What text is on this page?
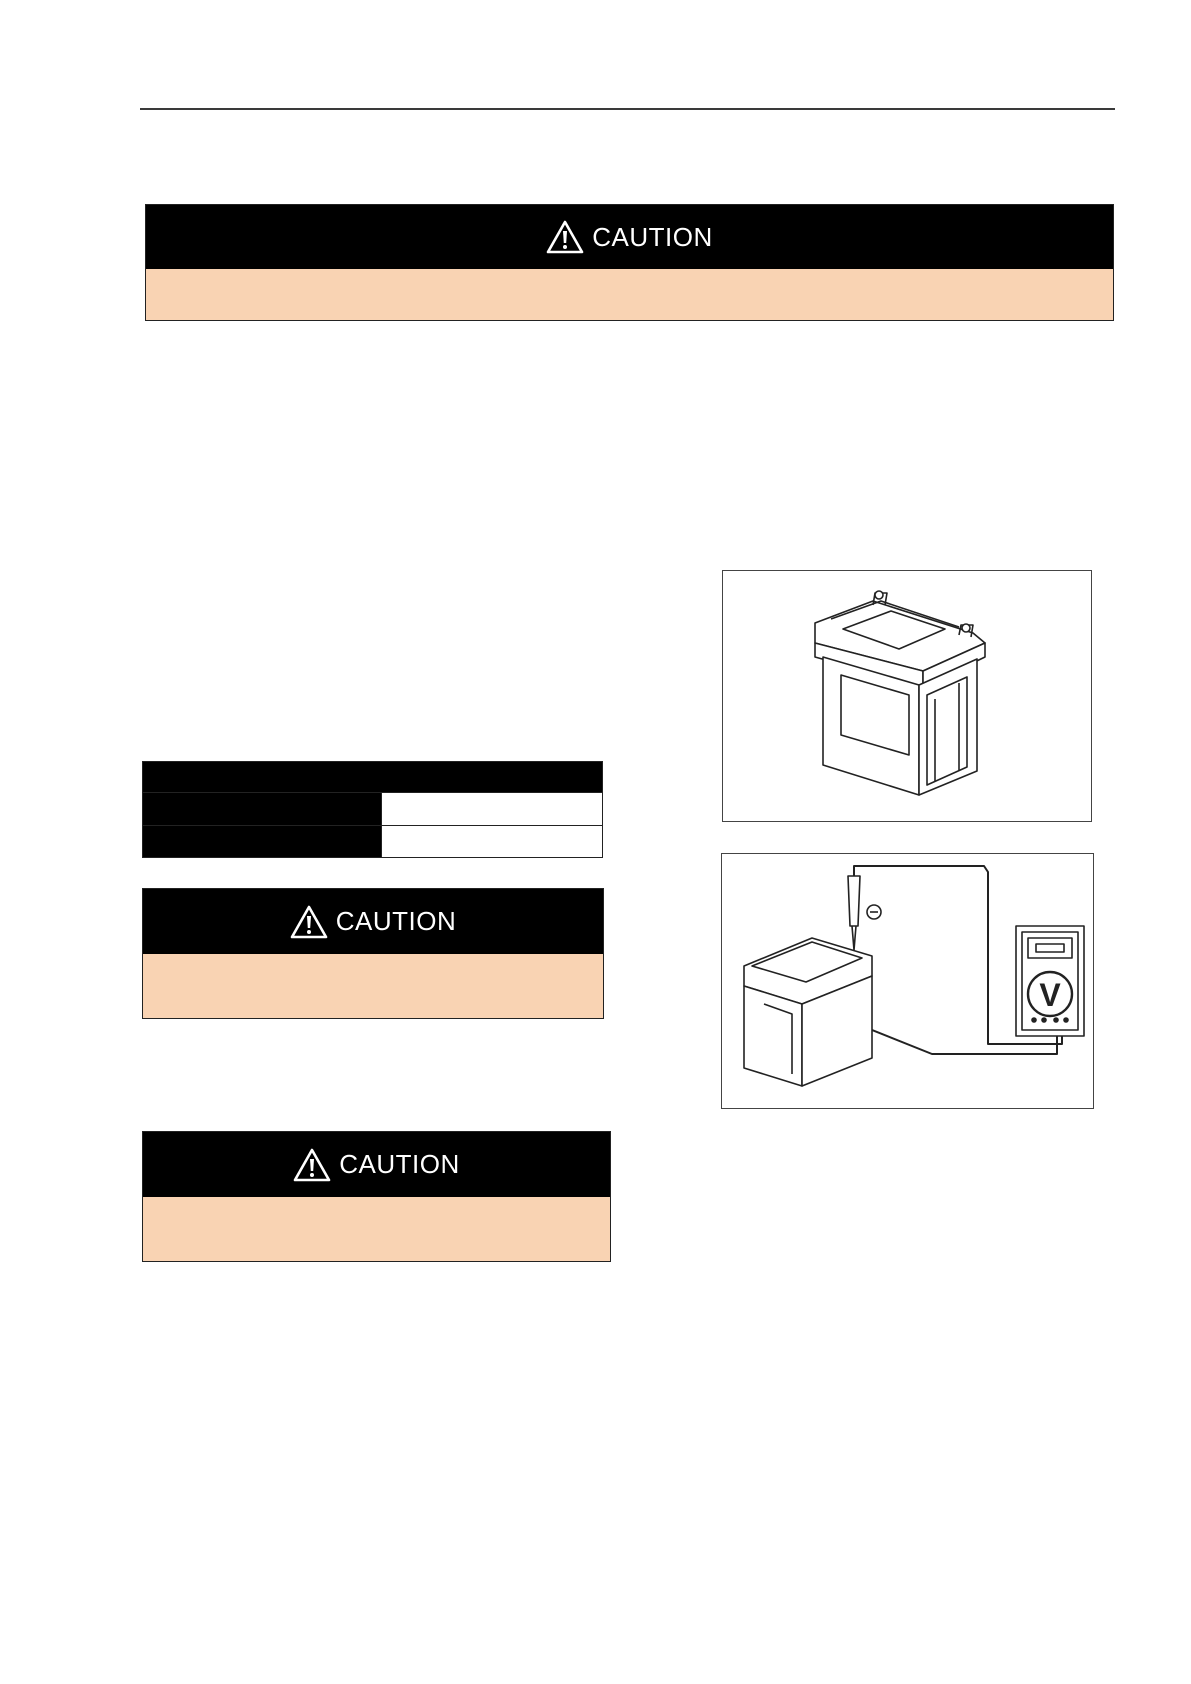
CAUTION
CAUTION
CAUTION
V
